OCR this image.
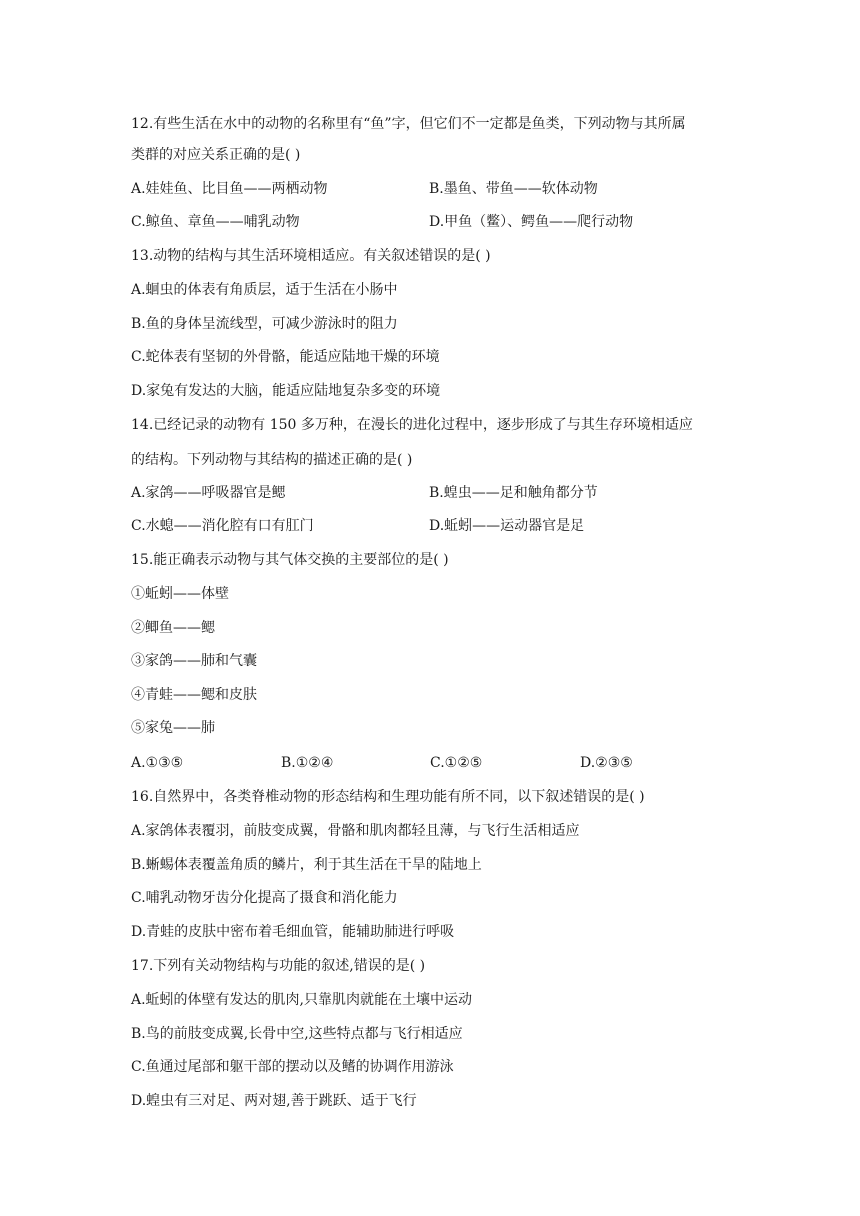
12.有些生活在水中的动物的名称里有“鱼”字，但它们不一定都是鱼类，下列动物与其所属
类群的对应关系正确的是( )
A.娃娃鱼、比目鱼——两栖动物	B.墨鱼、带鱼——软体动物
C.鲸鱼、章鱼——哺乳动物	D.甲鱼（鳖）、鳄鱼——爬行动物
13.动物的结构与其生活环境相适应。有关叙述错误的是( )
A.蛔虫的体表有角质层，适于生活在小肠中
B.鱼的身体呈流线型，可减少游泳时的阻力
C.蛇体表有坚韧的外骨骼，能适应陆地干燥的环境
D.家兔有发达的大脑，能适应陆地复杂多变的环境
14.已经记录的动物有 150 多万种，在漫长的进化过程中，逐步形成了与其生存环境相适应
的结构。下列动物与其结构的描述正确的是( )
A.家鸽——呼吸器官是鳃	B.蝗虫——足和触角都分节
C.水螅——消化腔有口有肛门	D.蚯蚓——运动器官是足
15.能正确表示动物与其气体交换的主要部位的是( )
①蚯蚓——体壁
②鲫鱼——鳃
③家鸽——肺和气囊
④青蛙——鳃和皮肤
⑤家兔——肺
A.①③⑤	B.①②④	C.①②⑤	D.②③⑤
16.自然界中，各类脊椎动物的形态结构和生理功能有所不同，以下叙述错误的是( )
A.家鸽体表覆羽，前肢变成翼，骨骼和肌肉都轻且薄，与飞行生活相适应
B.蜥蜴体表覆盖角质的鳞片，利于其生活在干旱的陆地上
C.哺乳动物牙齿分化提高了摄食和消化能力
D.青蛙的皮肤中密布着毛细血管，能辅助肺进行呼吸
17.下列有关动物结构与功能的叙述,错误的是( )
A.蚯蚓的体壁有发达的肌肉,只靠肌肉就能在土壤中运动
B.鸟的前肢变成翼,长骨中空,这些特点都与飞行相适应
C.鱼通过尾部和躯干部的摆动以及鳍的协调作用游泳
D.蝗虫有三对足、两对翅,善于跳跃、适于飞行
